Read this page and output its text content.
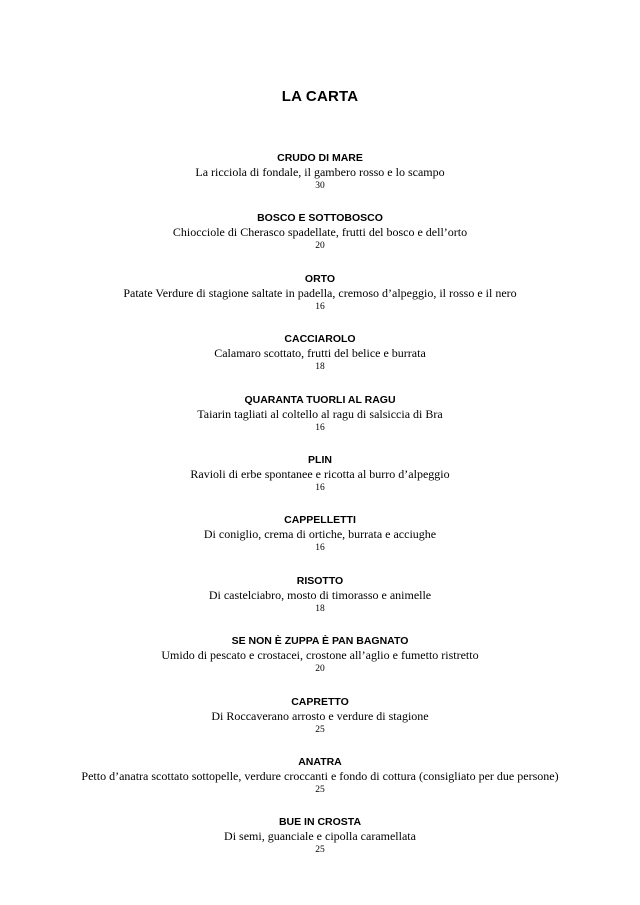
LA CARTA
CRUDO DI MARE
La ricciola di fondale, il gambero rosso e lo scampo
30
BOSCO E SOTTOBOSCO
Chiocciole di Cherasco spadellate, frutti del bosco e dell’orto
20
ORTO
Patate Verdure di stagione saltate in padella, cremoso d’alpeggio, il rosso e il nero
16
CACCIAROLO
Calamaro scottato, frutti del belice e burrata
18
QUARANTA TUORLI AL RAGU
Taiarin tagliati al coltello al ragu di salsiccia di Bra
16
PLIN
Ravioli di erbe spontanee e ricotta al burro d’alpeggio
16
CAPPELLETTI
Di coniglio, crema di ortiche, burrata e acciughe
16
RISOTTO
Di castelciabro, mosto di timorasso e animelle
18
SE NON È ZUPPA È PAN BAGNATO
Umido di pescato e crostacei, crostone all’aglio e fumetto ristretto
20
CAPRETTO
Di Roccaverano arrosto e verdure di stagione
25
ANATRA
Petto d’anatra scottato sottopelle, verdure croccanti e fondo di cottura (consigliato per due persone)
25
BUE IN CROSTA
Di semi, guanciale e cipolla caramellata
25
